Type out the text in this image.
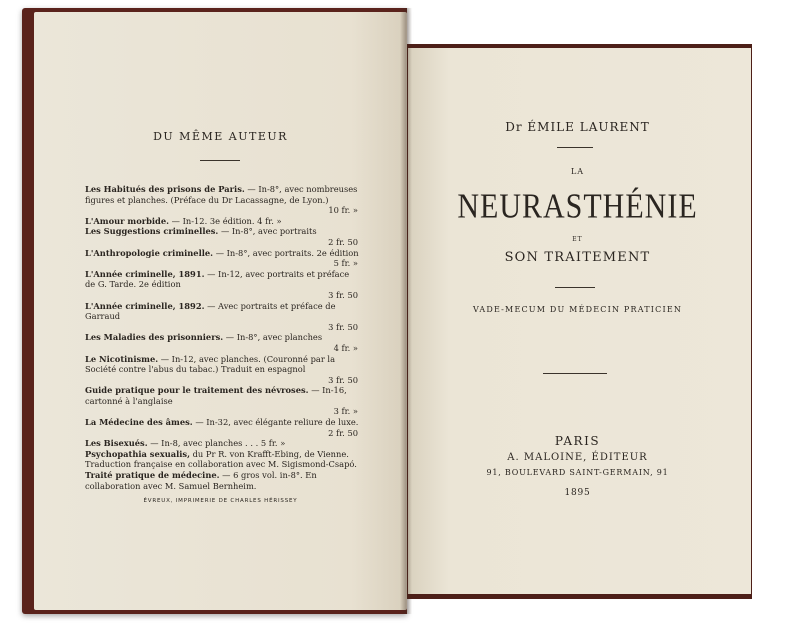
DU MÊME AUTEUR
Les Habitués des prisons de Paris. — In-8°, avec nombreuses figures et planches. (Préface du Dr Lacassagne, de Lyon.)
10 fr. »
L'Amour morbide. — In-12. 3e édition. 4 fr. »
Les Suggestions criminelles. — In-8°, avec portraits
2 fr. 50
L'Anthropologie criminelle. — In-8°, avec portraits. 2e édition
5 fr. »
L'Année criminelle, 1891. — In-12, avec portraits et préface de G. Tarde. 2e édition
3 fr. 50
L'Année criminelle, 1892. — Avec portraits et préface de Garraud
3 fr. 50
Les Maladies des prisonniers. — In-8°, avec planches
4 fr. »
Le Nicotinisme. — In-12, avec planches. (Couronné par la Société contre l'abus du tabac.) Traduit en espagnol
3 fr. 50
Guide pratique pour le traitement des névroses. — In-16, cartonné à l'anglaise
3 fr. »
La Médecine des âmes. — In-32, avec élégante reliure de luxe.
2 fr. 50
Les Bisexués. — In-8, avec planches . . . 5 fr. »
Psychopathia sexualis, du Pr R. von Krafft-Ebing, de Vienne. Traduction française en collaboration avec M. Sigismond-Csapó.
Traité pratique de médecine. — 6 gros vol. in-8°. En collaboration avec M. Samuel Bernheim.
ÉVREUX, IMPRIMERIE DE CHARLES HÉRISSEY
Dr ÉMILE LAURENT
LA
NEURASTHÉNIE
ET
SON TRAITEMENT
VADE-MECUM DU MÉDECIN PRATICIEN
PARIS
A. MALOINE, ÉDITEUR
91, BOULEVARD SAINT-GERMAIN, 91
1895
